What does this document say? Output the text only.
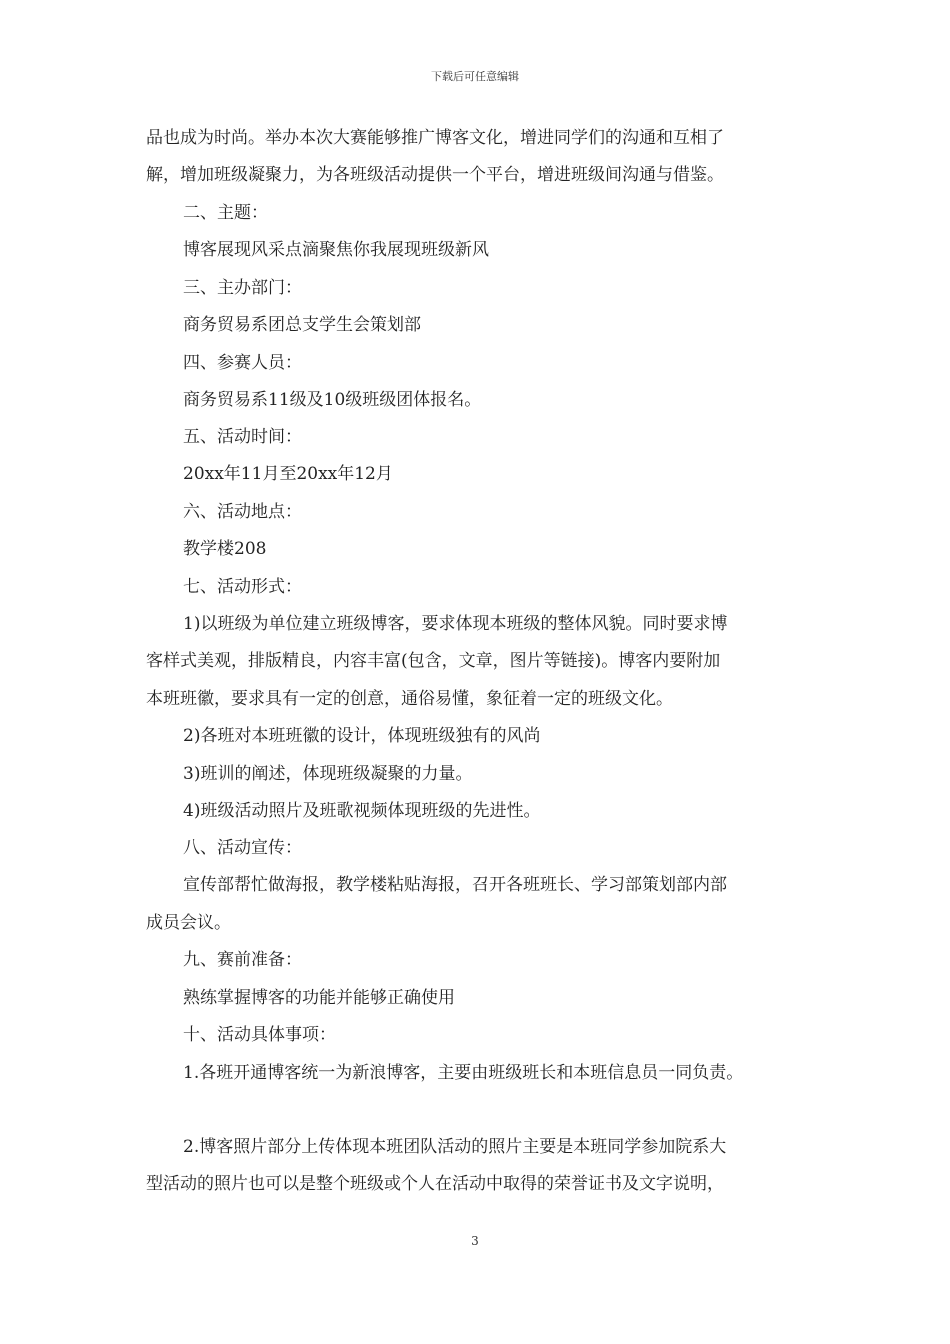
下载后可任意编辑
品也成为时尚。举办本次大赛能够推广博客文化，增进同学们的沟通和互相了
解，增加班级凝聚力，为各班级活动提供一个平台，增进班级间沟通与借鉴。
二、主题：
博客展现风采点滴聚焦你我展现班级新风
三、主办部门：
商务贸易系团总支学生会策划部
四、参赛人员：
商务贸易系11级及10级班级团体报名。
五、活动时间：
20xx年11月至20xx年12月
六、活动地点：
教学楼208
七、活动形式：
1)以班级为单位建立班级博客，要求体现本班级的整体风貌。同时要求博
客样式美观，排版精良，内容丰富(包含，文章，图片等链接)。博客内要附加
本班班徽，要求具有一定的创意，通俗易懂，象征着一定的班级文化。
2)各班对本班班徽的设计，体现班级独有的风尚
3)班训的阐述，体现班级凝聚的力量。
4)班级活动照片及班歌视频体现班级的先进性。
八、活动宣传：
宣传部帮忙做海报，教学楼粘贴海报，召开各班班长、学习部策划部内部
成员会议。
九、赛前准备：
熟练掌握博客的功能并能够正确使用
十、活动具体事项：
1.各班开通博客统一为新浪博客，主要由班级班长和本班信息员一同负责。
2.博客照片部分上传体现本班团队活动的照片主要是本班同学参加院系大
型活动的照片也可以是整个班级或个人在活动中取得的荣誉证书及文字说明，
3
